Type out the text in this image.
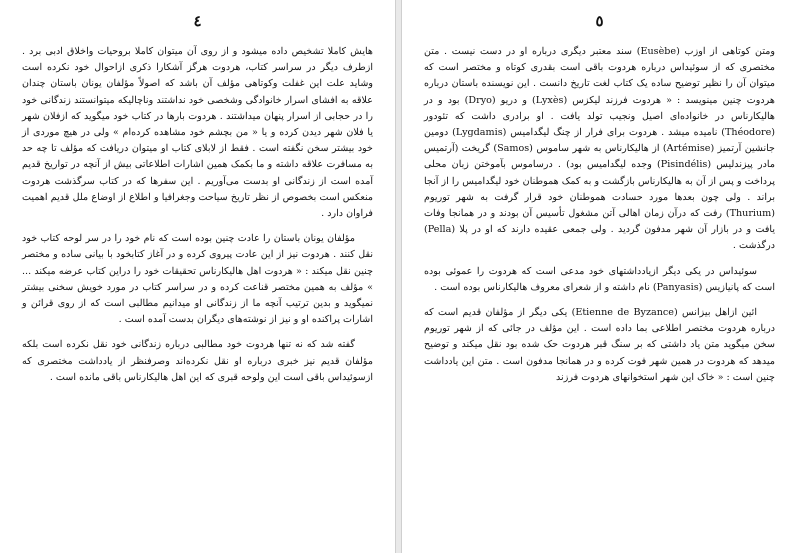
٤

هایش کاملا تشخیص داده میشود و از روی آن میتوان کاملا بروحیات واخلاق ادبی برد . ازطرف دیگر در سراسر کتاب، هردوت هرگز آشکارا ذکری ازاحوال خود نکرده است وشاید علت این غفلت وکوتاهی مؤلف آن باشد که اصولاً مؤلفان یونان باستان چندان علاقه به افشای اسرار خانوادگی وشخصی خود نداشتند وناچالیکه میتوانستند زندگانی خود را در حجابی از اسرار پنهان میداشتند . هردوت بارها در کتاب خود میگوید که ازفلان شهر یا فلان شهر دیدن کرده و یا « من بچشم خود مشاهده کرده‌ام » ولی در هیچ موردی از خود بیشتر سخن نگفته است . فقط از لابلای کتاب او میتوان دریافت که مؤلف تا چه حد به مسافرت علاقه داشته و ما بکمک همین اشارات اطلاعاتی بیش از آنچه در تواریخ قدیم آمده است از زندگانی او بدست می‌آوریم . این سفرها که در کتاب سرگذشت هردوت منعکس است بخصوص از نظر تاریخ سیاحت وجغرافیا و اطلاع از اوضاع ملل قدیم اهمیت فراوان دارد .

مؤلفان یونان باستان را عادت چنین بوده است که نام خود را در سر لوحه کتاب خود نقل کنند . هردوت نیز از این عادت پیروی کرده و در آغاز کتابخود با بیانی ساده و مختصر چنین نقل میکند : « هردوت اهل هالیکارناس تحقیقات خود را دراین کتاب عرضه میکند ... » مؤلف به همین مختصر قناعت کرده و در سراسر کتاب در مورد خویش سخنی بیشتر نمیگوید و بدین ترتیب آنچه ما از زندگانی او میدانیم مطالبی است که از روی قرائن و اشارات پراکنده او و نیز از نوشته‌های دیگران بدست آمده است .

گفته شد که نه تنها هردوت خود مطالبی درباره زندگانی خود نقل نکرده است بلکه مؤلفان قدیم نیز خبری درباره او نقل نکرده‌اند وصرفنظر از یادداشت مختصری که ازسوئیداس باقی است این ولوحه قبری که این اهل هالیکارناس باقی مانده است .

٥

ومتن کوتاهی از اوزب (Eusèbe) سند معتبر دیگری درباره او در دست نیست . متن مختصری که از سوئیداس درباره هردوت باقی است بقدری کوتاه و مختصر است که میتوان آن را نظیر توضیح ساده یک کتاب لغت تاریخ دانست . این نویسنده باستان درباره هردوت چنین مینویسد : « هردوت فرزند لیکزس (Lyxès) و دریو (Dryo) بود و در هالیکارناس در خانواده‌ای اصیل ونجیب تولد یافت . او برادری داشت که تئودور (Théodore) نامیده میشد . هردوت برای فرار از چنگ لیگدامیس (Lygdamis) دومین جانشین آرتمیز (Artémise) از هالیکارناس به شهر ساموس (Samos) گریخت (آرتمیس مادر پیزندلیس (Pisindélis) وجده لیگدامیس بود) . درساموس بآموختن زبان محلی پرداخت و پس از آن به هالیکارناس بازگشت و به کمک هموطنان خود لیگدامیس را از آنجا براند . ولی چون بعدها مورد حسادت هموطنان خود قرار گرفت به شهر توریوم (Thurium) رفت که درآن زمان اهالی آتن مشغول تأسیس آن بودند و در همانجا وفات یافت و در بازار آن شهر مدفون گردید . ولی جمعی عقیده دارند که او در پلا (Pella) درگذشت .

سوئیداس در یکی دیگر ازیادداشتهای خود مدعی است که هردوت را عموئی بوده است که پانیازیس (Panyasis) نام داشته و از شعرای معروف هالیکارناس بوده است .

ائین ازاهل بیزانس (Etienne de Byzance) یکی دیگر از مؤلفان قدیم است که درباره هردوت مختصر اطلاعی بما داده است . این مؤلف در جائی که از شهر توریوم سخن میگوید متن یاد داشتی که بر سنگ قبر هردوت حک شده بود نقل میکند و توضیح میدهد که هردوت در همین شهر فوت کرده و در همانجا مدفون است . متن این یادداشت چنین است : « خاک این شهر استخوانهای هردوت فرزند
